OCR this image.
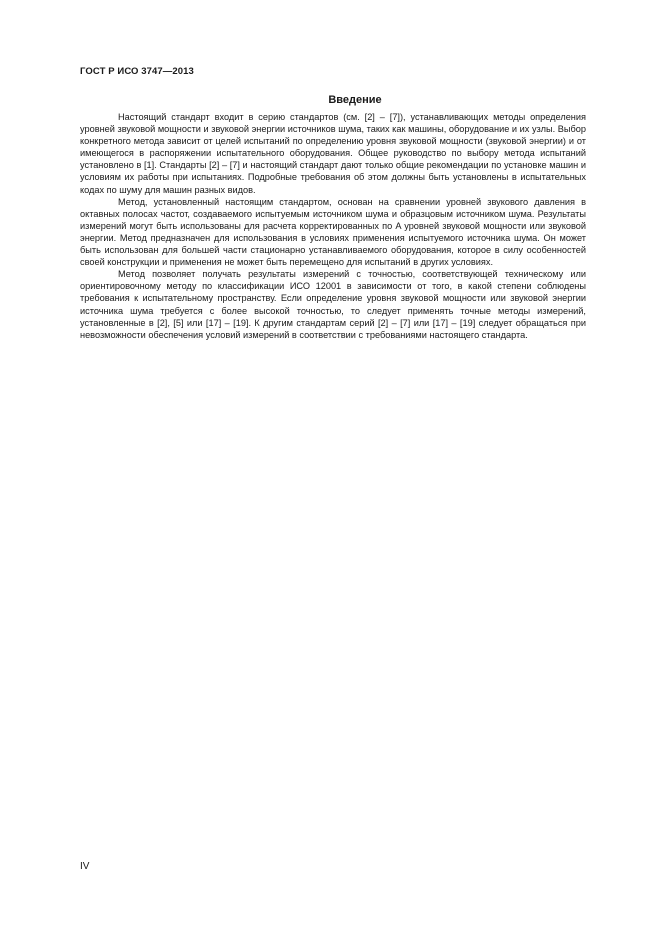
ГОСТ Р ИСО 3747—2013
Введение

Настоящий стандарт входит в серию стандартов (см. [2] – [7]), устанавливающих методы определения уровней звуковой мощности и звуковой энергии источников шума, таких как машины, оборудование и их узлы. Выбор конкретного метода зависит от целей испытаний по определению уровня звуковой мощности (звуковой энергии) и от имеющегося в распоряжении испытательного оборудования. Общее руководство по выбору метода испытаний установлено в [1]. Стандарты [2] – [7] и настоящий стандарт дают только общие рекомендации по установке машин и условиям их работы при испытаниях. Подробные требования об этом должны быть установлены в испытательных кодах по шуму для машин разных видов.

Метод, установленный настоящим стандартом, основан на сравнении уровней звукового давления в октавных полосах частот, создаваемого испытуемым источником шума и образцовым источником шума. Результаты измерений могут быть использованы для расчета корректированных по A уровней звуковой мощности или звуковой энергии. Метод предназначен для использования в условиях применения испытуемого источника шума. Он может быть использован для большей части стационарно устанавливаемого оборудования, которое в силу особенностей своей конструкции и применения не может быть перемещено для испытаний в других условиях.

Метод позволяет получать результаты измерений с точностью, соответствующей техническому или ориентировочному методу по классификации ИСО 12001 в зависимости от того, в какой степени соблюдены требования к испытательному пространству. Если определение уровня звуковой мощности или звуковой энергии источника шума требуется с более высокой точностью, то следует применять точные методы измерений, установленные в [2], [5] или [17] – [19]. К другим стандартам серий [2] – [7] или [17] – [19] следует обращаться при невозможности обеспечения условий измерений в соответствии с требованиями настоящего стандарта.

IV
